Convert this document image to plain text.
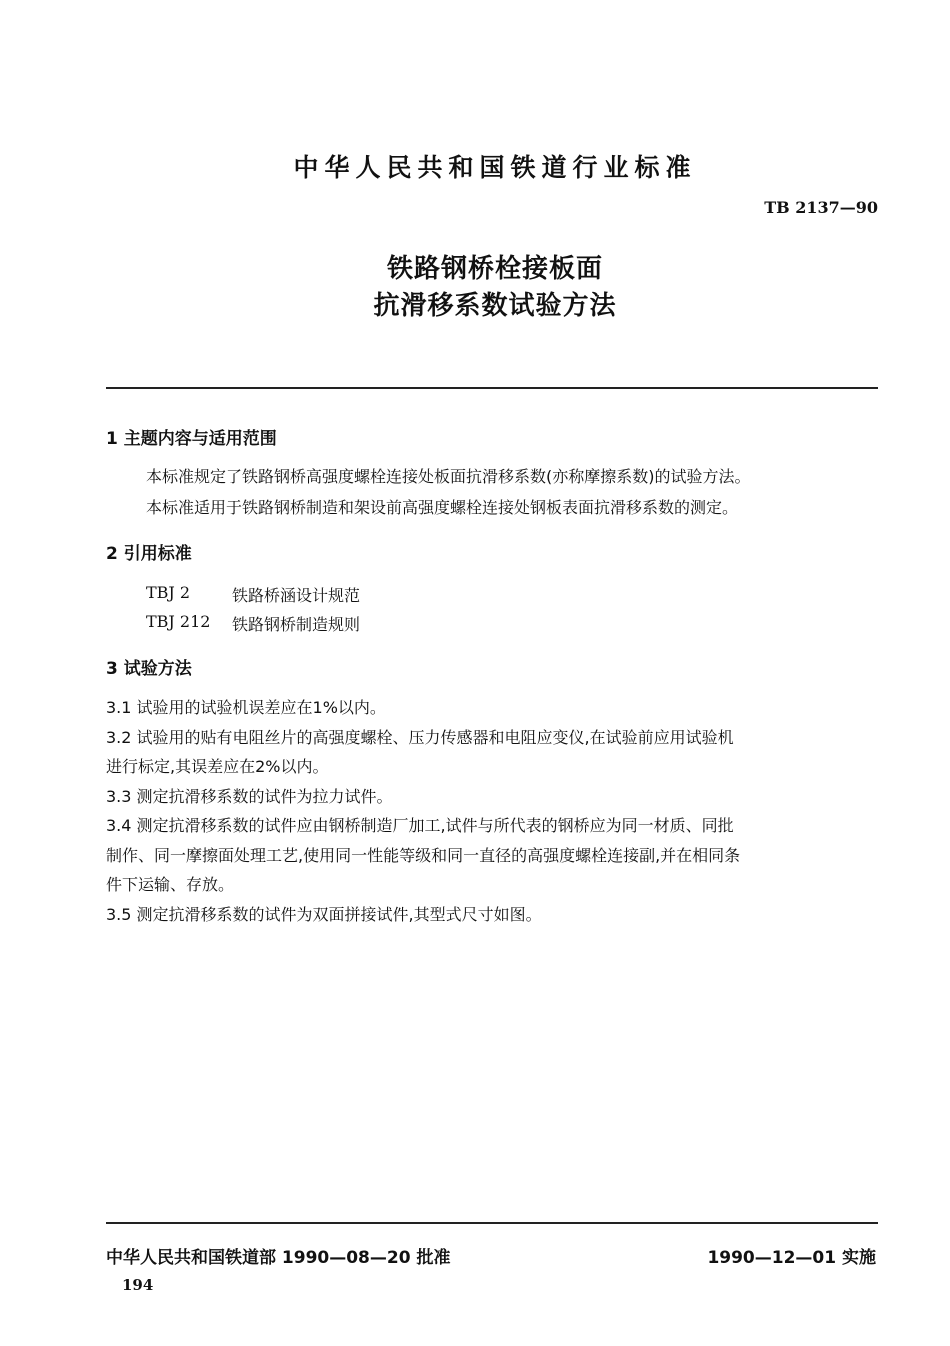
中华人民共和国铁道行业标准
TB 2137—90
铁路钢桥栓接板面
抗滑移系数试验方法
1 主题内容与适用范围
本标准规定了铁路钢桥高强度螺栓连接处板面抗滑移系数(亦称摩擦系数)的试验方法。
本标准适用于铁路钢桥制造和架设前高强度螺栓连接处钢板表面抗滑移系数的测定。
2 引用标准
TBJ 2	铁路桥涵设计规范
TBJ 212 铁路钢桥制造规则
3 试验方法
3.1 试验用的试验机误差应在1%以内。
3.2 试验用的贴有电阻丝片的高强度螺栓、压力传感器和电阻应变仪,在试验前应用试验机
进行标定,其误差应在2%以内。
3.3 测定抗滑移系数的试件为拉力试件。
3.4 测定抗滑移系数的试件应由钢桥制造厂加工,试件与所代表的钢桥应为同一材质、同批
制作、同一摩擦面处理工艺,使用同一性能等级和同一直径的高强度螺栓连接副,并在相同条
件下运输、存放。
3.5 测定抗滑移系数的试件为双面拼接试件,其型式尺寸如图。
中华人民共和国铁道部 1990—08—20 批准	1990—12—01 实施
194
